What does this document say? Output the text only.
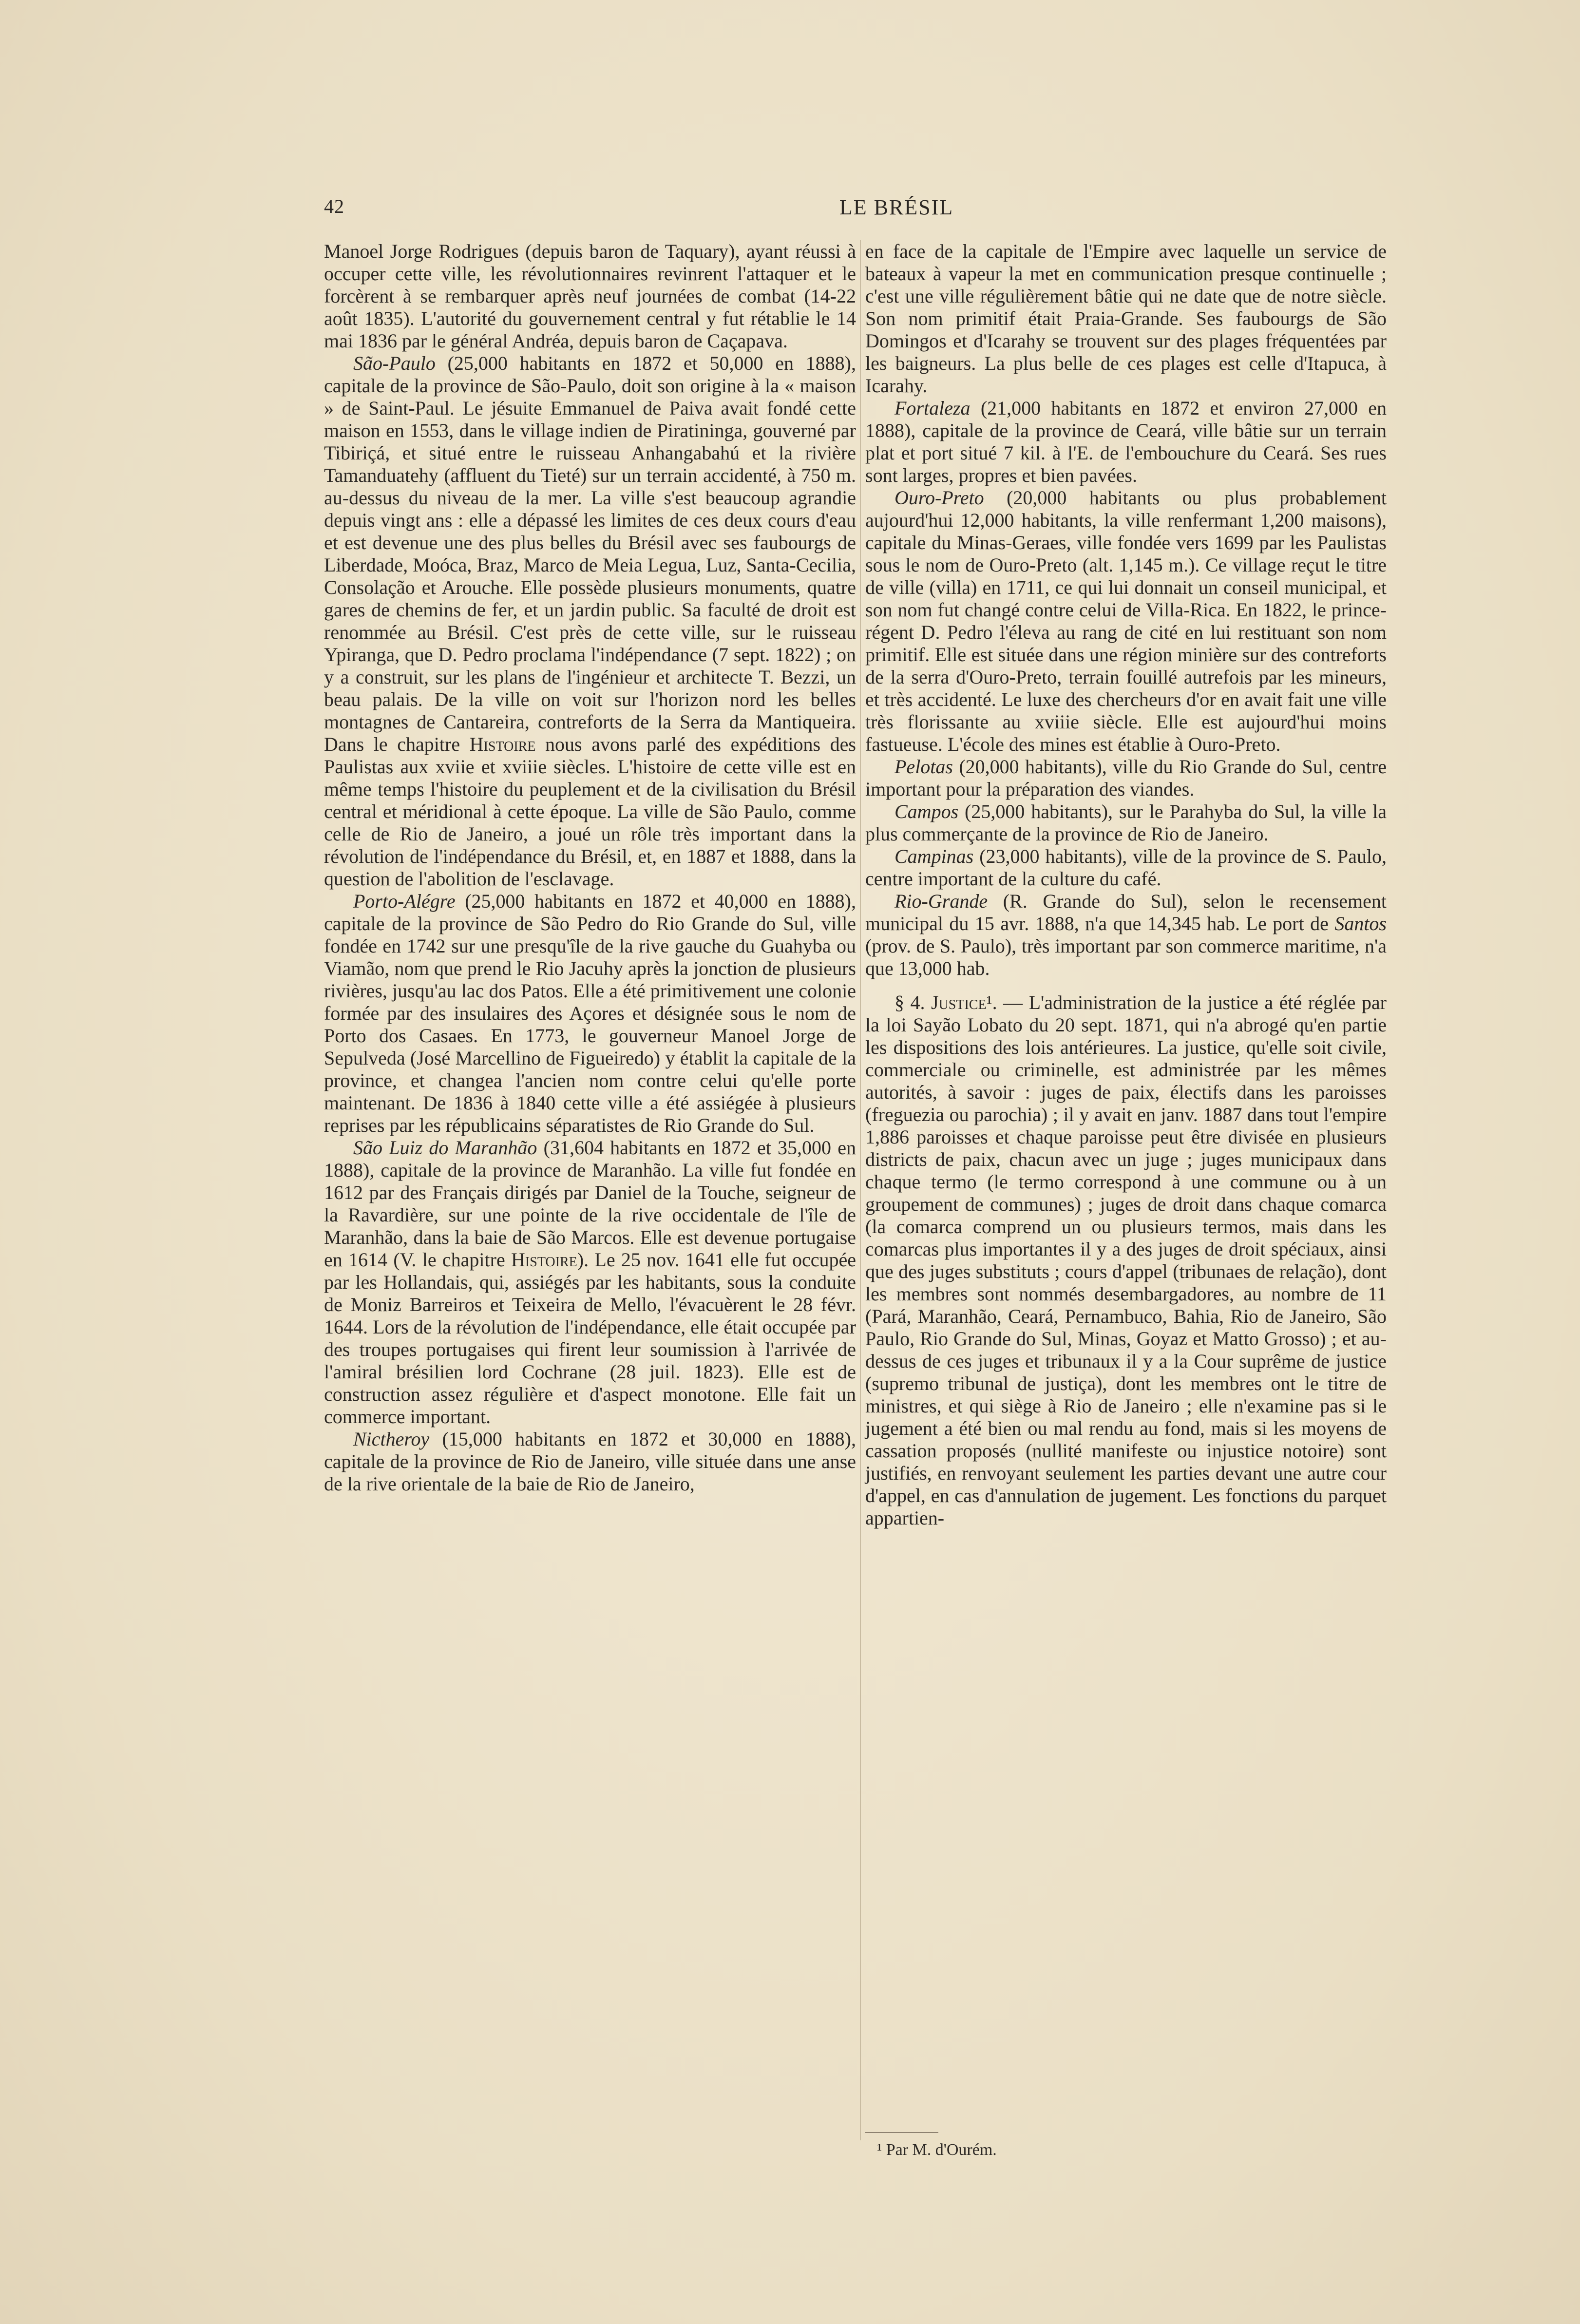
42	LE BRÉSIL

Manoel Jorge Rodrigues (depuis baron de Taquary), ayant réussi à occuper cette ville, les révolutionnaires revinrent l'attaquer et le forcèrent à se rembarquer après neuf journées de combat (14-22 août 1835). L'autorité du gouvernement central y fut rétablie le 14 mai 1836 par le général Andréa, depuis baron de Caçapava.

São-Paulo (25,000 habitants en 1872 et 50,000 en 1888), capitale de la province de São-Paulo, doit son origine à la « maison » de Saint-Paul. Le jésuite Emmanuel de Paiva avait fondé cette maison en 1553, dans le village indien de Piratininga, gouverné par Tibiriçá, et situé entre le ruisseau Anhangabahú et la rivière Tamanduatehy (affluent du Tieté) sur un terrain accidenté, à 750 m. au-dessus du niveau de la mer. La ville s'est beaucoup agrandie depuis vingt ans : elle a dépassé les limites de ces deux cours d'eau et est devenue une des plus belles du Brésil avec ses faubourgs de Liberdade, Moóca, Braz, Marco de Meia Legua, Luz, Santa-Cecilia, Consolação et Arouche. Elle possède plusieurs monuments, quatre gares de chemins de fer, et un jardin public. Sa faculté de droit est renommée au Brésil. C'est près de cette ville, sur le ruisseau Ypiranga, que D. Pedro proclama l'indépendance (7 sept. 1822) ; on y a construit, sur les plans de l'ingénieur et architecte T. Bezzi, un beau palais. De la ville on voit sur l'horizon nord les belles montagnes de Cantareira, contreforts de la Serra da Mantiqueira. Dans le chapitre Histoire nous avons parlé des expéditions des Paulistas aux xviie et xviiie siècles. L'histoire de cette ville est en même temps l'histoire du peuplement et de la civilisation du Brésil central et méridional à cette époque. La ville de São Paulo, comme celle de Rio de Janeiro, a joué un rôle très important dans la révolution de l'indépendance du Brésil, et, en 1887 et 1888, dans la question de l'abolition de l'esclavage.

Porto-Alégre (25,000 habitants en 1872 et 40,000 en 1888), capitale de la province de São Pedro do Rio Grande do Sul, ville fondée en 1742 sur une presqu'île de la rive gauche du Guahyba ou Viamão, nom que prend le Rio Jacuhy après la jonction de plusieurs rivières, jusqu'au lac dos Patos. Elle a été primitivement une colonie formée par des insulaires des Açores et désignée sous le nom de Porto dos Casaes. En 1773, le gouverneur Manoel Jorge de Sepulveda (José Marcellino de Figueiredo) y établit la capitale de la province, et changea l'ancien nom contre celui qu'elle porte maintenant. De 1836 à 1840 cette ville a été assiégée à plusieurs reprises par les républicains séparatistes de Rio Grande do Sul.

São Luiz do Maranhão (31,604 habitants en 1872 et 35,000 en 1888), capitale de la province de Maranhão. La ville fut fondée en 1612 par des Français dirigés par Daniel de la Touche, seigneur de la Ravardière, sur une pointe de la rive occidentale de l'île de Maranhão, dans la baie de São Marcos. Elle est devenue portugaise en 1614 (V. le chapitre Histoire). Le 25 nov. 1641 elle fut occupée par les Hollandais, qui, assiégés par les habitants, sous la conduite de Moniz Barreiros et Teixeira de Mello, l'évacuèrent le 28 févr. 1644. Lors de la révolution de l'indépendance, elle était occupée par des troupes portugaises qui firent leur soumission à l'arrivée de l'amiral brésilien lord Cochrane (28 juil. 1823). Elle est de construction assez régulière et d'aspect monotone. Elle fait un commerce important.

Nictheroy (15,000 habitants en 1872 et 30,000 en 1888), capitale de la province de Rio de Janeiro, ville située dans une anse de la rive orientale de la baie de Rio de Janeiro,

en face de la capitale de l'Empire avec laquelle un service de bateaux à vapeur la met en communication presque continuelle ; c'est une ville régulièrement bâtie qui ne date que de notre siècle. Son nom primitif était Praia-Grande. Ses faubourgs de São Domingos et d'Icarahy se trouvent sur des plages fréquentées par les baigneurs. La plus belle de ces plages est celle d'Itapuca, à Icarahy.

Fortaleza (21,000 habitants en 1872 et environ 27,000 en 1888), capitale de la province de Ceará, ville bâtie sur un terrain plat et port situé 7 kil. à l'E. de l'embouchure du Ceará. Ses rues sont larges, propres et bien pavées.

Ouro-Preto (20,000 habitants ou plus probablement aujourd'hui 12,000 habitants, la ville renfermant 1,200 maisons), capitale du Minas-Geraes, ville fondée vers 1699 par les Paulistas sous le nom de Ouro-Preto (alt. 1,145 m.). Ce village reçut le titre de ville (villa) en 1711, ce qui lui donnait un conseil municipal, et son nom fut changé contre celui de Villa-Rica. En 1822, le prince-régent D. Pedro l'éleva au rang de cité en lui restituant son nom primitif. Elle est située dans une région minière sur des contreforts de la serra d'Ouro-Preto, terrain fouillé autrefois par les mineurs, et très accidenté. Le luxe des chercheurs d'or en avait fait une ville très florissante au xviiie siècle. Elle est aujourd'hui moins fastueuse. L'école des mines est établie à Ouro-Preto.

Pelotas (20,000 habitants), ville du Rio Grande do Sul, centre important pour la préparation des viandes.

Campos (25,000 habitants), sur le Parahyba do Sul, la ville la plus commerçante de la province de Rio de Janeiro.

Campinas (23,000 habitants), ville de la province de S. Paulo, centre important de la culture du café.

Rio-Grande (R. Grande do Sul), selon le recensement municipal du 15 avr. 1888, n'a que 14,345 hab. Le port de Santos (prov. de S. Paulo), très important par son commerce maritime, n'a que 13,000 hab.

§ 4. Justice¹. — L'administration de la justice a été réglée par la loi Sayão Lobato du 20 sept. 1871, qui n'a abrogé qu'en partie les dispositions des lois antérieures. La justice, qu'elle soit civile, commerciale ou criminelle, est administrée par les mêmes autorités, à savoir : juges de paix, électifs dans les paroisses (freguezia ou parochia) ; il y avait en janv. 1887 dans tout l'empire 1,886 paroisses et chaque paroisse peut être divisée en plusieurs districts de paix, chacun avec un juge ; juges municipaux dans chaque termo (le termo correspond à une commune ou à un groupement de communes) ; juges de droit dans chaque comarca (la comarca comprend un ou plusieurs termos, mais dans les comarcas plus importantes il y a des juges de droit spéciaux, ainsi que des juges substituts ; cours d'appel (tribunaes de relação), dont les membres sont nommés desembargadores, au nombre de 11 (Pará, Maranhão, Ceará, Pernambuco, Bahia, Rio de Janeiro, São Paulo, Rio Grande do Sul, Minas, Goyaz et Matto Grosso) ; et au-dessus de ces juges et tribunaux il y a la Cour suprême de justice (supremo tribunal de justiça), dont les membres ont le titre de ministres, et qui siège à Rio de Janeiro ; elle n'examine pas si le jugement a été bien ou mal rendu au fond, mais si les moyens de cassation proposés (nullité manifeste ou injustice notoire) sont justifiés, en renvoyant seulement les parties devant une autre cour d'appel, en cas d'annulation de jugement. Les fonctions du parquet appartien-

¹ Par M. d'Ourém.
